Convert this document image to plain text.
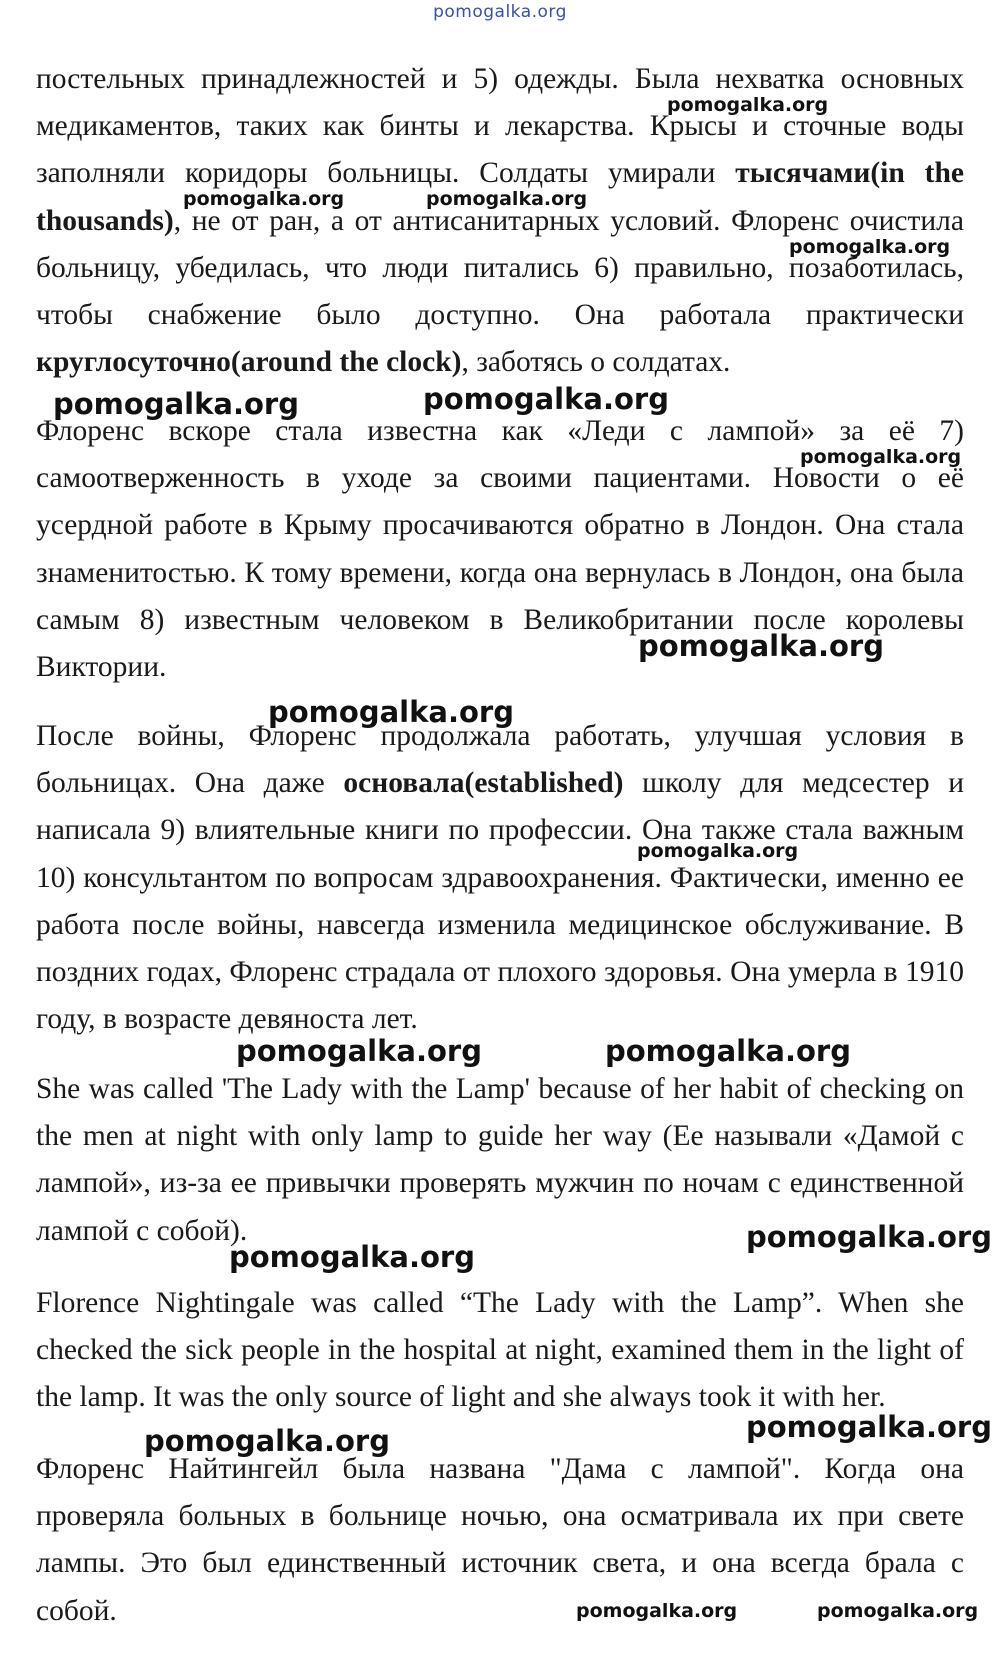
pomogalka.org
постельных принадлежностей и 5) одежды. Была нехватка основных медикаментов, таких как бинты и лекарства. Крысы и сточные воды заполняли коридоры больницы. Солдаты умирали тысячами(in the thousands), не от ран, а от антисанитарных условий. Флоренс очистила больницу, убедилась, что люди питались 6) правильно, позаботилась, чтобы снабжение было доступно. Она работала практически круглосуточно(around the clock), заботясь о солдатах.
Флоренс вскоре стала известна как «Леди с лампой» за её 7) самоотверженность в уходе за своими пациентами. Новости о её усердной работе в Крыму просачиваются обратно в Лондон. Она стала знаменитостью. К тому времени, когда она вернулась в Лондон, она была самым 8) известным человеком в Великобритании после королевы Виктории.
После войны, Флоренс продолжала работать, улучшая условия в больницах. Она даже основала(established) школу для медсестер и написала 9) влиятельные книги по профессии. Она также стала важным 10) консультантом по вопросам здравоохранения. Фактически, именно ее работа после войны, навсегда изменила медицинское обслуживание. В поздних годах, Флоренс страдала от плохого здоровья. Она умерла в 1910 году, в возрасте девяноста лет.
She was called 'The Lady with the Lamp' because of her habit of checking on the men at night with only lamp to guide her way (Ее называли «Дамой с лампой», из-за ее привычки проверять мужчин по ночам с единственной лампой с собой).
Florence Nightingale was called “The Lady with the Lamp”. When she checked the sick people in the hospital at night, examined them in the light of the lamp. It was the only source of light and she always took it with her.
Флоренс Найтингейл была названа "Дама с лампой". Когда она проверяла больных в больнице ночью, она осматривала их при свете лампы. Это был единственный источник света, и она всегда брала с собой.
pomogalka.org
pomogalka.org	pomogalka.org
pomogalka.org
pomogalka.org	pomogalka.org
pomogalka.org
pomogalka.org
pomogalka.org
pomogalka.org
pomogalka.org	pomogalka.org
pomogalka.org
pomogalka.org
pomogalka.org
pomogalka.org
pomogalka.org	pomogalka.org
